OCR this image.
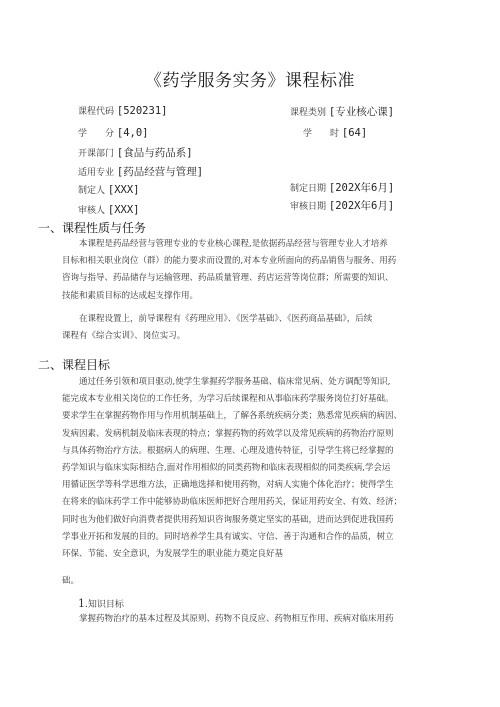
《药学服务实务》课程标准
课程代码 [520231]	课程类别 [专业核心课]
学　　分 [4,0]	学　　时 [64]
开课部门 [食品与药品系]
适用专业 [药品经营与管理]
制定人 [XXX]	制定日期 [202X年6月]
审核人 [XXX]	审核日期 [202X年6月]
一、课程性质与任务
本课程是药品经营与管理专业的专业核心课程,是依据药品经营与管理专业人才培养
目标和相关职业岗位（群）的能力要求而设置的,对本专业所面向的药品销售与服务、用药
咨询与指导、药品储存与运输管理、药品质量管理、药店运营等岗位群；所需要的知识、
技能和素质目标的达成起支撑作用。
在课程设置上，前导课程有《药理应用》、《医学基础》、《医药商品基础》，后续
课程有《综合实训》、岗位实习。
二、课程目标
通过任务引领和项目驱动,使学生掌握药学服务基础、临床常见病、处方调配等知识,
能完成本专业相关岗位的工作任务，为学习后续课程和从事临床药学服务岗位打好基础。
要求学生在掌握药物作用与作用机制基础上，了解各系统疾病分类；熟悉常见疾病的病因、
发病因素、发病机制及临床表现的特点；掌握药物的药效学以及常见疾病的药物治疗原则
与具体药物治疗方法。根据病人的病理、生理、心理及遗传特征，引导学生将已经掌握的
药学知识与临床实际相结合,面对作用相似的同类药物和临床表现相似的同类疾病,学会运
用循证医学等科学思维方法，正确地选择和使用药物，对病人实施个体化治疗；使得学生
在将来的临床药学工作中能够协助临床医师把好合理用药关，保证用药安全、有效、经济；
同时也为他们做好向消费者提供用药知识咨询服务奠定坚实的基础，进而达到促进我国药
学事业开拓和发展的目的。同时培养学生具有诚实、守信、善于沟通和合作的品质，树立
环保、节能、安全意识，为发展学生的职业能力奠定良好基
础。
1.知识目标
掌握药物治疗的基本过程及其原则、药物不良反应、药物相互作用、疾病对临床用药
